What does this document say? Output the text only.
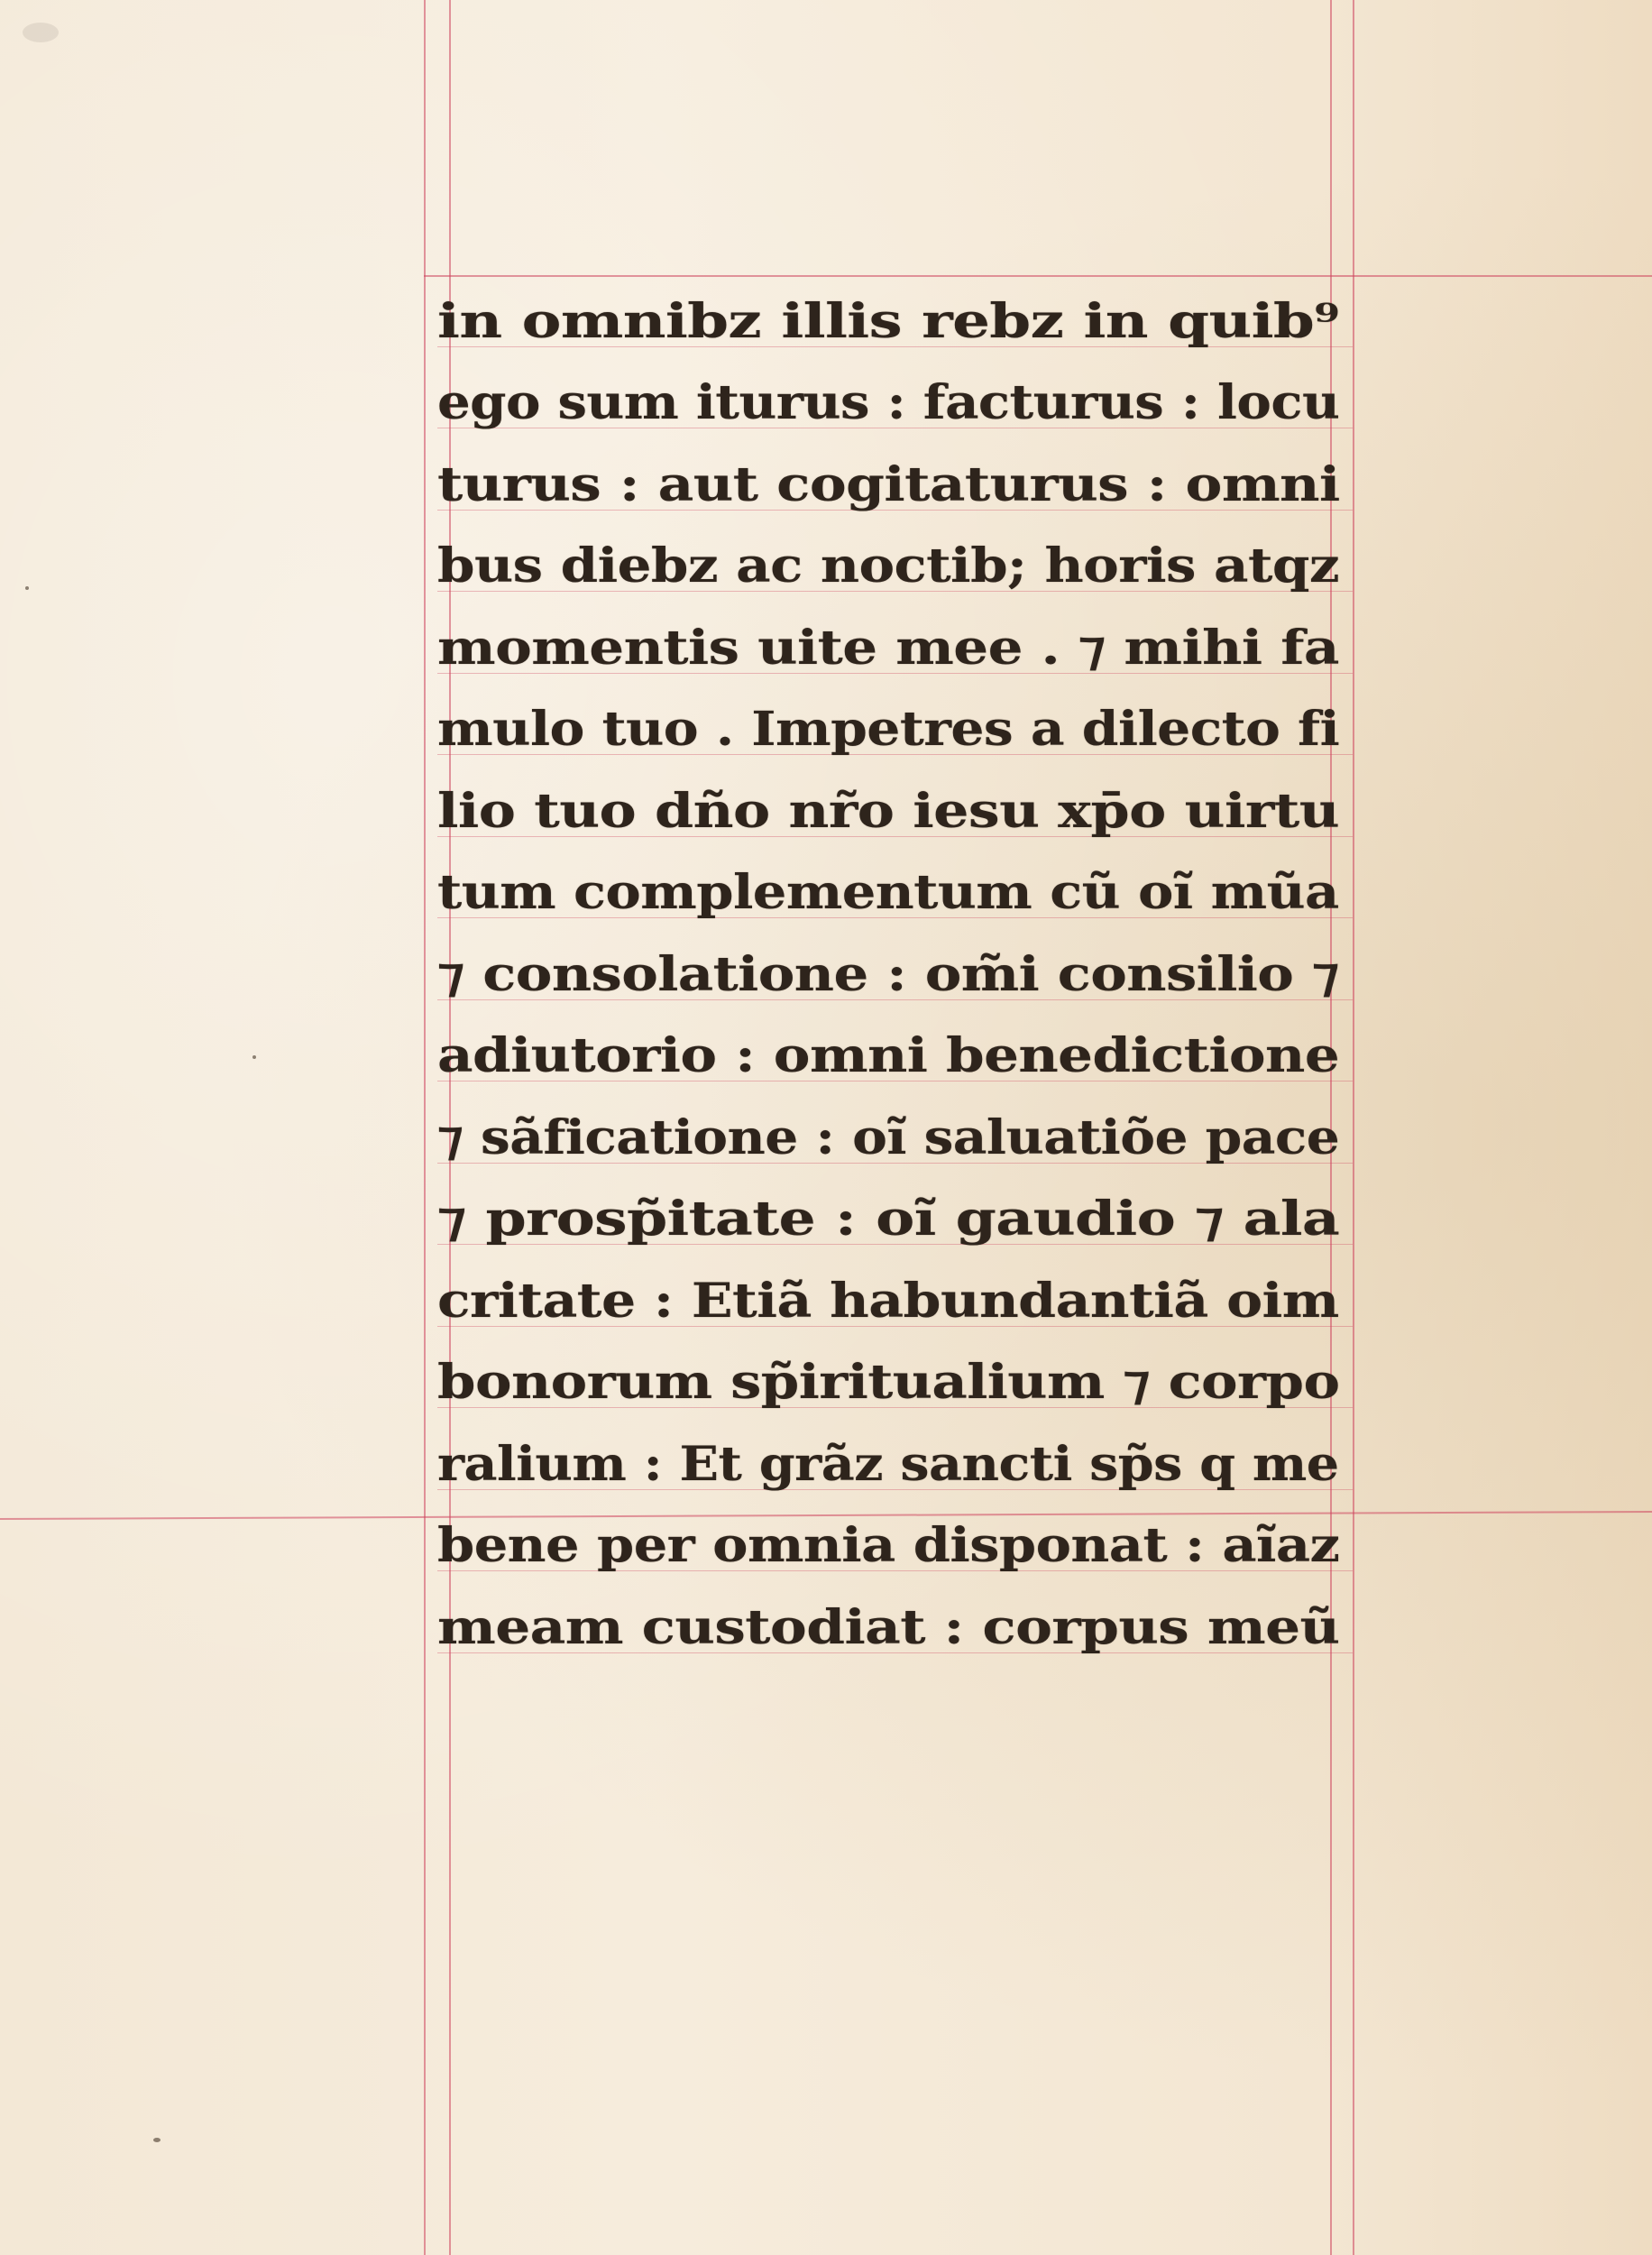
in omnibz illis rebz in quib⁹
ego sum iturus : facturus : locu
turus : aut cogitaturus : omni
bus diebz ac noctib; horis atqz
momentis uite mee . ⁊ mihi fa
mulo tuo . Impetres a dilecto fi
lio tuo dño nr̃o iesu xp̄o uirtu
tum complementum cũ oĩ mũa
⁊ consolatione : om̃i consilio ⁊
adiutorio : omni benedictione
⁊ sãficatione : oĩ saluatiõe pace
⁊ prosp̃itate : oĩ gaudio ⁊ ala
critate : Etiã habundantiã oim
bonorum sp̃iritualium ⁊ corpo
ralium : Et grãz sancti sp̃s q me
bene per omnia disponat : aĩaz
meam custodiat : corpus meũ
